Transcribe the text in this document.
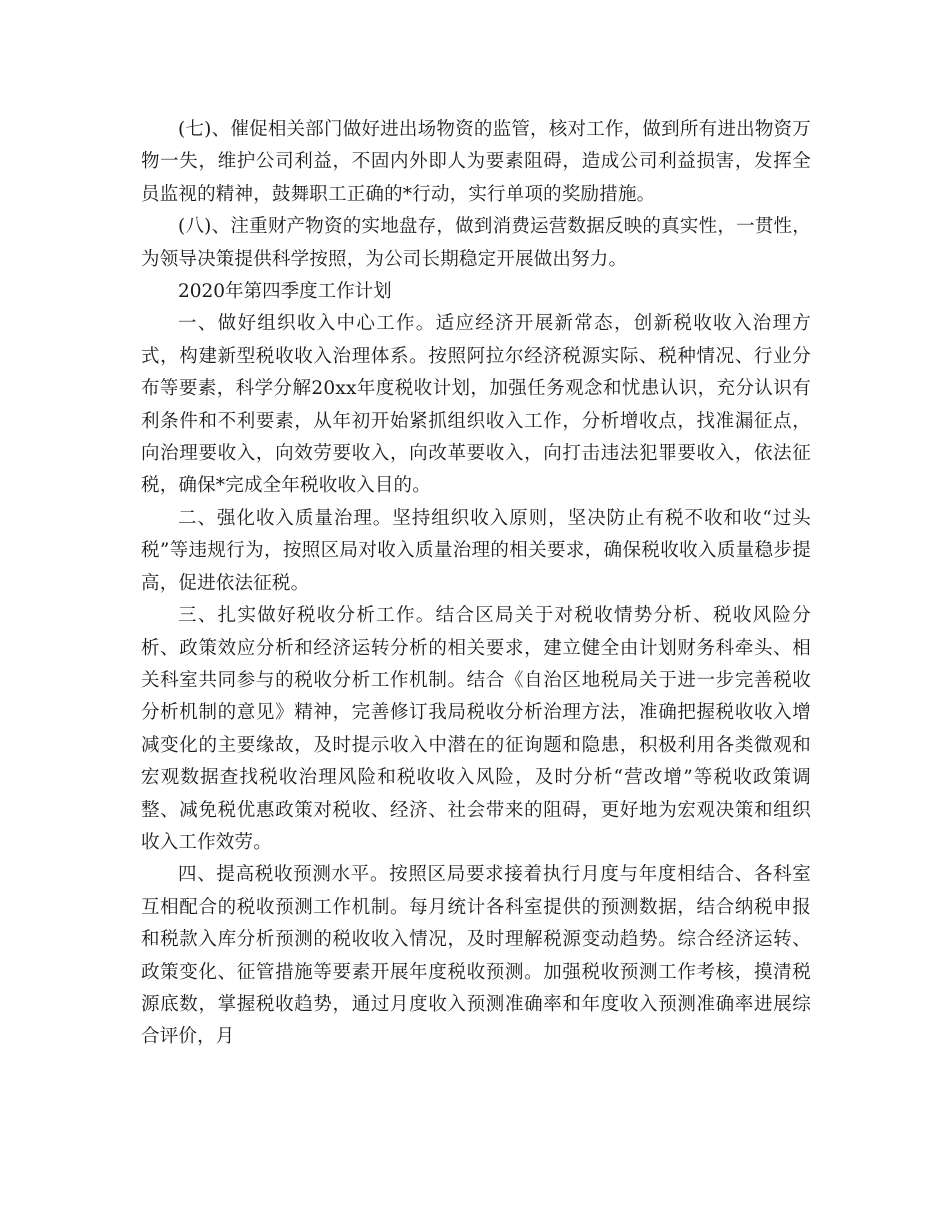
(七)、催促相关部门做好进出场物资的监管，核对工作，做到所有进出物资万物一失，维护公司利益，不固内外即人为要素阻碍，造成公司利益损害，发挥全员监视的精神，鼓舞职工正确的*行动，实行单项的奖励措施。

(八)、注重财产物资的实地盘存，做到消费运营数据反映的真实性，一贯性，为领导决策提供科学按照，为公司长期稳定开展做出努力。

2020年第四季度工作计划

一、做好组织收入中心工作。适应经济开展新常态，创新税收收入治理方式，构建新型税收收入治理体系。按照阿拉尔经济税源实际、税种情况、行业分布等要素，科学分解20xx年度税收计划，加强任务观念和忧患认识，充分认识有利条件和不利要素，从年初开始紧抓组织收入工作，分析增收点，找准漏征点，向治理要收入，向效劳要收入，向改革要收入，向打击违法犯罪要收入，依法征税，确保*完成全年税收收入目的。

二、强化收入质量治理。坚持组织收入原则，坚决防止有税不收和收“过头税”等违规行为，按照区局对收入质量治理的相关要求，确保税收收入质量稳步提高，促进依法征税。

三、扎实做好税收分析工作。结合区局关于对税收情势分析、税收风险分析、政策效应分析和经济运转分析的相关要求，建立健全由计划财务科牵头、相关科室共同参与的税收分析工作机制。结合《自治区地税局关于进一步完善税收分析机制的意见》精神，完善修订我局税收分析治理方法，准确把握税收收入增减变化的主要缘故，及时提示收入中潜在的征询题和隐患，积极利用各类微观和宏观数据查找税收治理风险和税收收入风险，及时分析“营改增”等税收政策调整、减免税优惠政策对税收、经济、社会带来的阻碍，更好地为宏观决策和组织收入工作效劳。

四、提高税收预测水平。按照区局要求接着执行月度与年度相结合、各科室互相配合的税收预测工作机制。每月统计各科室提供的预测数据，结合纳税申报和税款入库分析预测的税收收入情况，及时理解税源变动趋势。综合经济运转、政策变化、征管措施等要素开展年度税收预测。加强税收预测工作考核，摸清税源底数，掌握税收趋势，通过月度收入预测准确率和年度收入预测准确率进展综合评价，月
